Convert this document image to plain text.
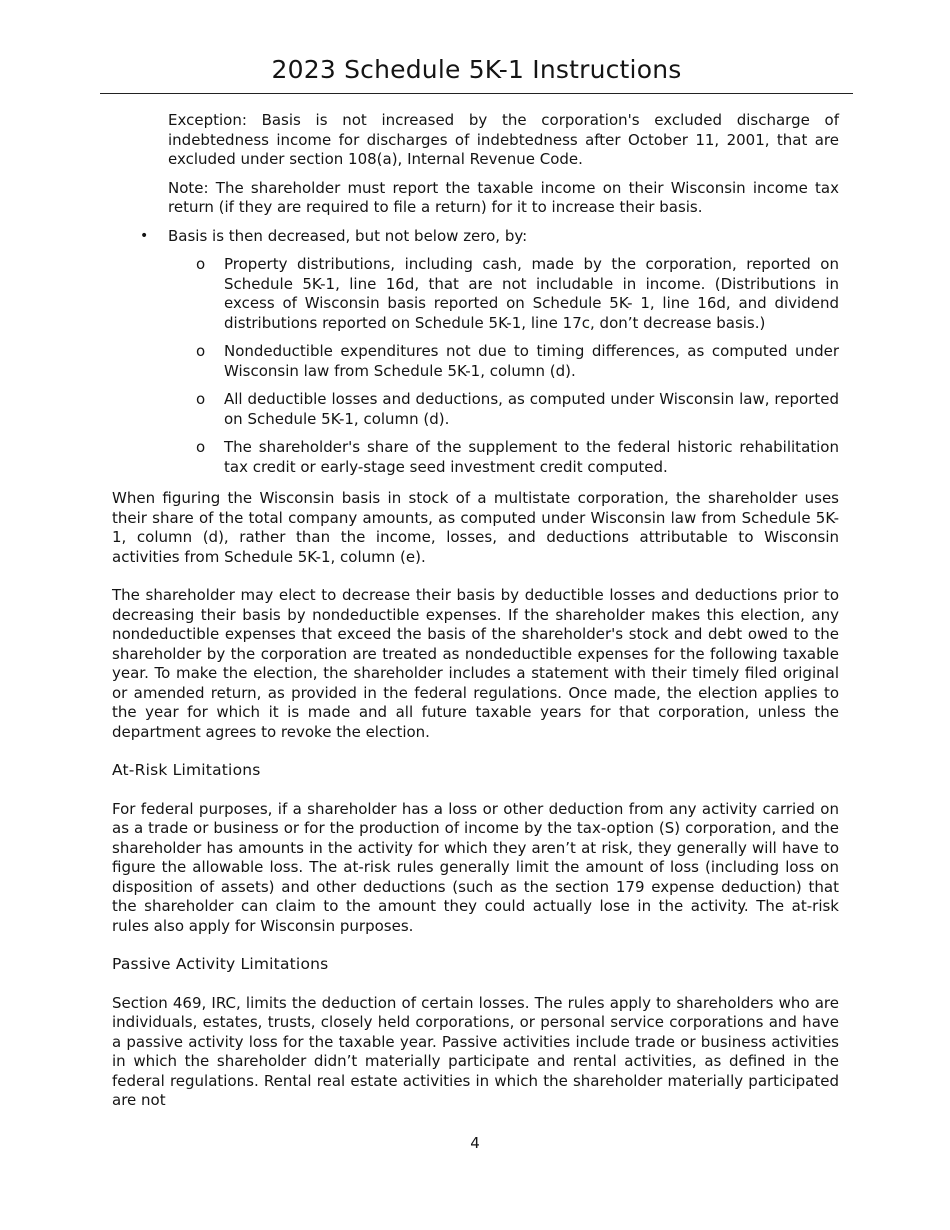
2023 Schedule 5K-1 Instructions

Exception: Basis is not increased by the corporation's excluded discharge of indebtedness income for discharges of indebtedness after October 11, 2001, that are excluded under section 108(a), Internal Revenue Code.

Note: The shareholder must report the taxable income on their Wisconsin income tax return (if they are required to file a return) for it to increase their basis.

• Basis is then decreased, but not below zero, by:
o Property distributions, including cash, made by the corporation, reported on Schedule 5K-1, line 16d, that are not includable in income. (Distributions in excess of Wisconsin basis reported on Schedule 5K- 1, line 16d, and dividend distributions reported on Schedule 5K-1, line 17c, don’t decrease basis.)
o Nondeductible expenditures not due to timing differences, as computed under Wisconsin law from Schedule 5K-1, column (d).
o All deductible losses and deductions, as computed under Wisconsin law, reported on Schedule 5K-1, column (d).
o The shareholder's share of the supplement to the federal historic rehabilitation tax credit or early-stage seed investment credit computed.

When figuring the Wisconsin basis in stock of a multistate corporation, the shareholder uses their share of the total company amounts, as computed under Wisconsin law from Schedule 5K-1, column (d), rather than the income, losses, and deductions attributable to Wisconsin activities from Schedule 5K-1, column (e).

The shareholder may elect to decrease their basis by deductible losses and deductions prior to decreasing their basis by nondeductible expenses. If the shareholder makes this election, any nondeductible expenses that exceed the basis of the shareholder's stock and debt owed to the shareholder by the corporation are treated as nondeductible expenses for the following taxable year. To make the election, the shareholder includes a statement with their timely filed original or amended return, as provided in the federal regulations. Once made, the election applies to the year for which it is made and all future taxable years for that corporation, unless the department agrees to revoke the election.

At-Risk Limitations

For federal purposes, if a shareholder has a loss or other deduction from any activity carried on as a trade or business or for the production of income by the tax-option (S) corporation, and the shareholder has amounts in the activity for which they aren’t at risk, they generally will have to figure the allowable loss. The at-risk rules generally limit the amount of loss (including loss on disposition of assets) and other deductions (such as the section 179 expense deduction) that the shareholder can claim to the amount they could actually lose in the activity. The at-risk rules also apply for Wisconsin purposes.

Passive Activity Limitations

Section 469, IRC, limits the deduction of certain losses. The rules apply to shareholders who are individuals, estates, trusts, closely held corporations, or personal service corporations and have a passive activity loss for the taxable year. Passive activities include trade or business activities in which the shareholder didn’t materially participate and rental activities, as defined in the federal regulations. Rental real estate activities in which the shareholder materially participated are not

4
